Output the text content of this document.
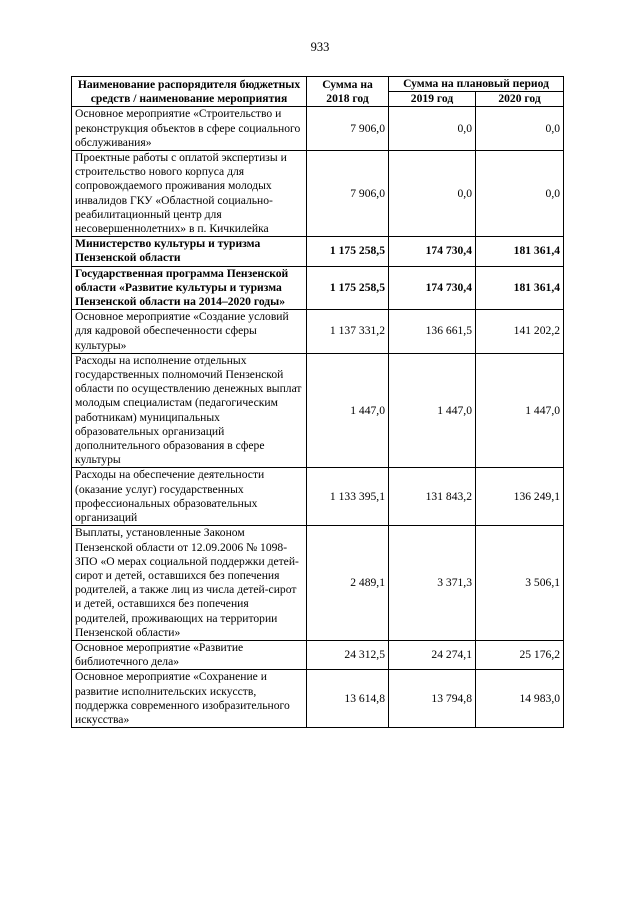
933
Наименование распорядителя бюджетных средств / наименование мероприятия	Сумма на 2018 год	Сумма на плановый период	
		2019 год	2020 год
Основное мероприятие «Строительство и реконструкция объектов в сфере социального обслуживания»	7 906,0	0,0	0,0
Проектные работы с оплатой экспертизы и строительство нового корпуса для сопровождаемого проживания молодых инвалидов ГКУ «Областной социально-реабилитационный центр для несовершеннолетних» в п. Кичкилейка	7 906,0	0,0	0,0
Министерство культуры и туризма Пензенской области	1 175 258,5	174 730,4	181 361,4
Государственная программа Пензенской области «Развитие культуры и туризма Пензенской области на 2014–2020 годы»	1 175 258,5	174 730,4	181 361,4
Основное мероприятие «Создание условий для кадровой обеспеченности сферы культуры»	1 137 331,2	136 661,5	141 202,2
Расходы на исполнение отдельных государственных полномочий Пензенской области по осуществлению денежных выплат молодым специалистам (педагогическим работникам) муниципальных образовательных организаций дополнительного образования в сфере культуры	1 447,0	1 447,0	1 447,0
Расходы на обеспечение деятельности (оказание услуг) государственных профессиональных образовательных организаций	1 133 395,1	131 843,2	136 249,1
Выплаты, установленные Законом Пензенской области от 12.09.2006 № 1098-ЗПО «О мерах социальной поддержки детей-сирот и детей, оставшихся без попечения родителей, а также лиц из числа детей-сирот и детей, оставшихся без попечения родителей, проживающих на территории Пензенской области»	2 489,1	3 371,3	3 506,1
Основное мероприятие «Развитие библиотечного дела»	24 312,5	24 274,1	25 176,2
Основное мероприятие «Сохранение и развитие исполнительских искусств, поддержка современного изобразительного искусства»	13 614,8	13 794,8	14 983,0
